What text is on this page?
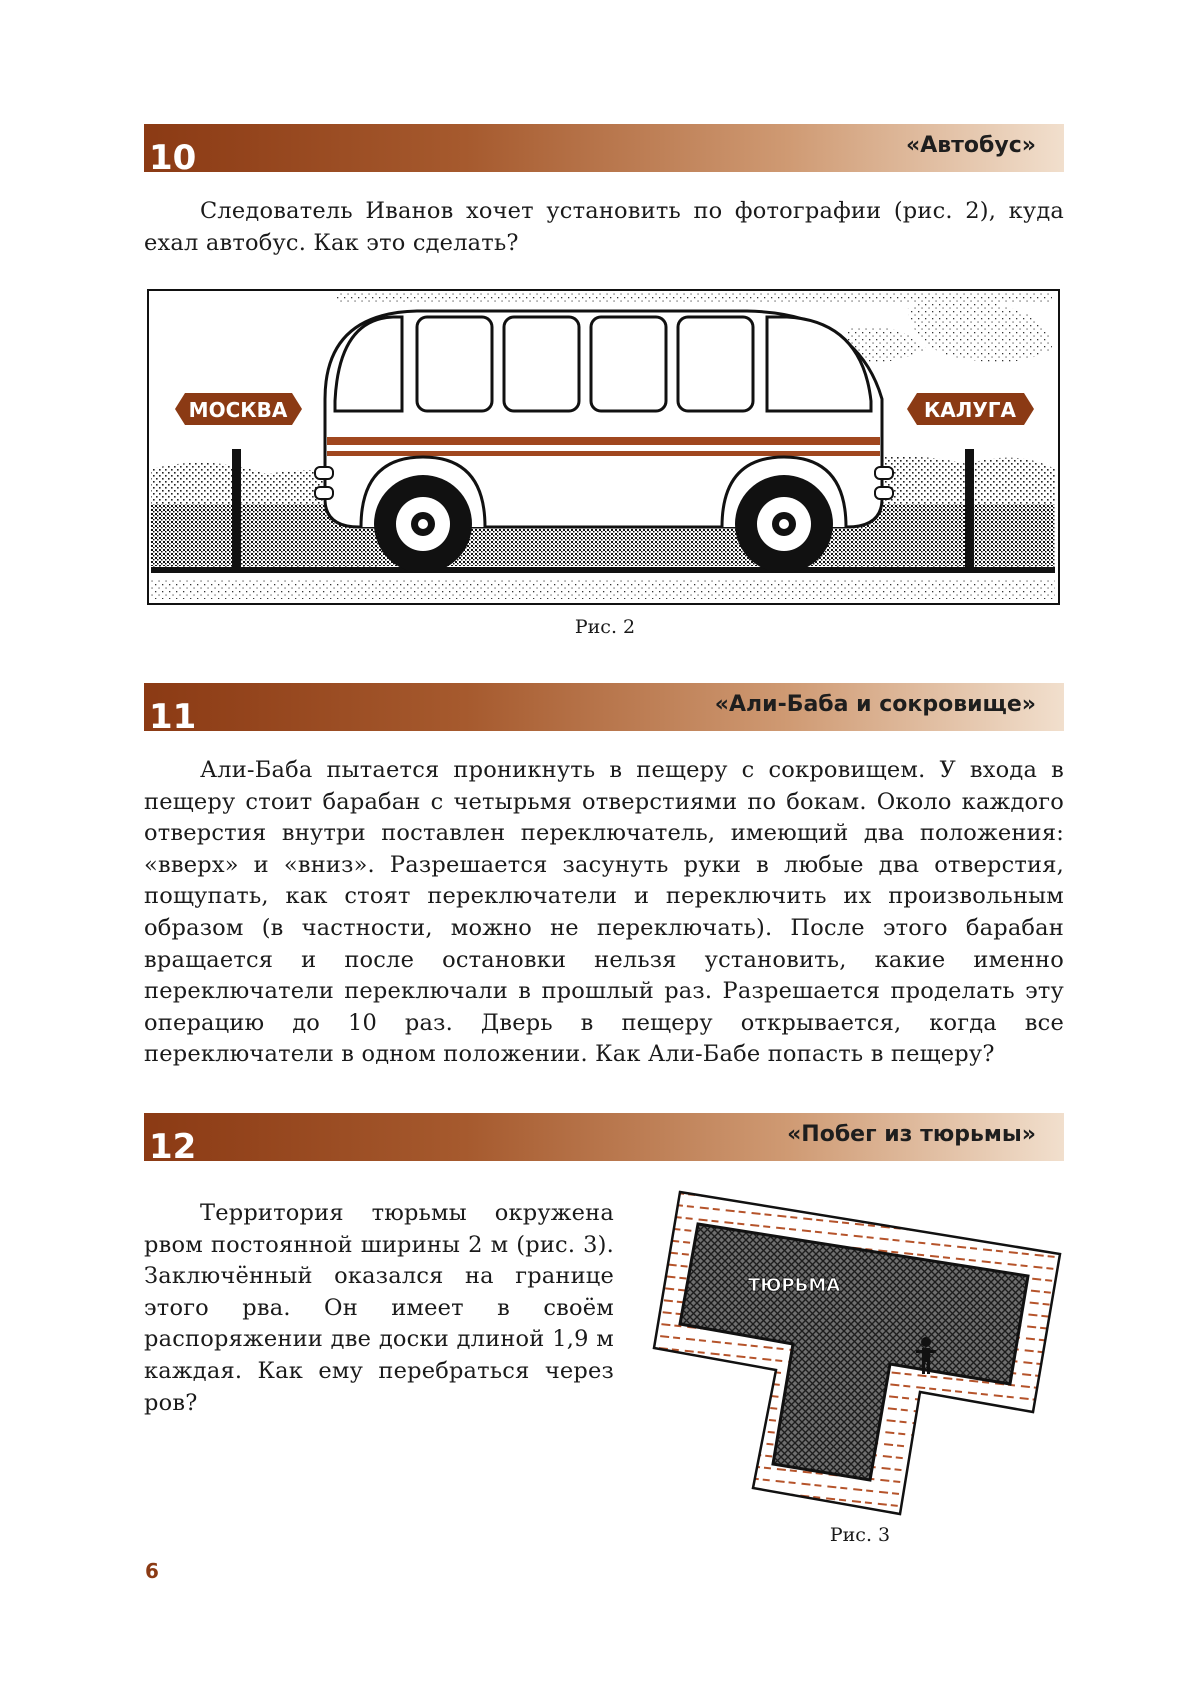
10	«Автобус»

Следователь Иванов хочет установить по фотографии (рис. 2), куда ехал автобус. Как это сделать?

МОСКВА	КАЛУГА
Рис. 2
11	«Али-Баба и сокровище»

Али-Баба пытается проникнуть в пещеру с сокровищем. У входа в пещеру стоит барабан с четырьмя отверстиями по бокам. Около каждого отверстия внутри поставлен переключатель, имеющий два положения: «вверх» и «вниз». Разрешается засунуть руки в любые два отверстия, пощупать, как стоят переключатели и переключить их произвольным образом (в частности, можно не переключать). После этого барабан вращается и после остановки нельзя установить, какие именно переключатели переключали в прошлый раз. Разрешается проделать эту операцию до 10 раз. Дверь в пещеру открывается, когда все переключатели в одном положении. Как Али-Бабе попасть в пещеру?

12	«Побег из тюрьмы»

Территория тюрьмы окружена рвом постоянной ширины 2 м (рис. 3). Заключённый оказался на границе этого рва. Он имеет в своём распоряжении две доски длиной 1,9 м каждая. Как ему перебраться через ров?

ТЮРЬМА
Рис. 3
6
